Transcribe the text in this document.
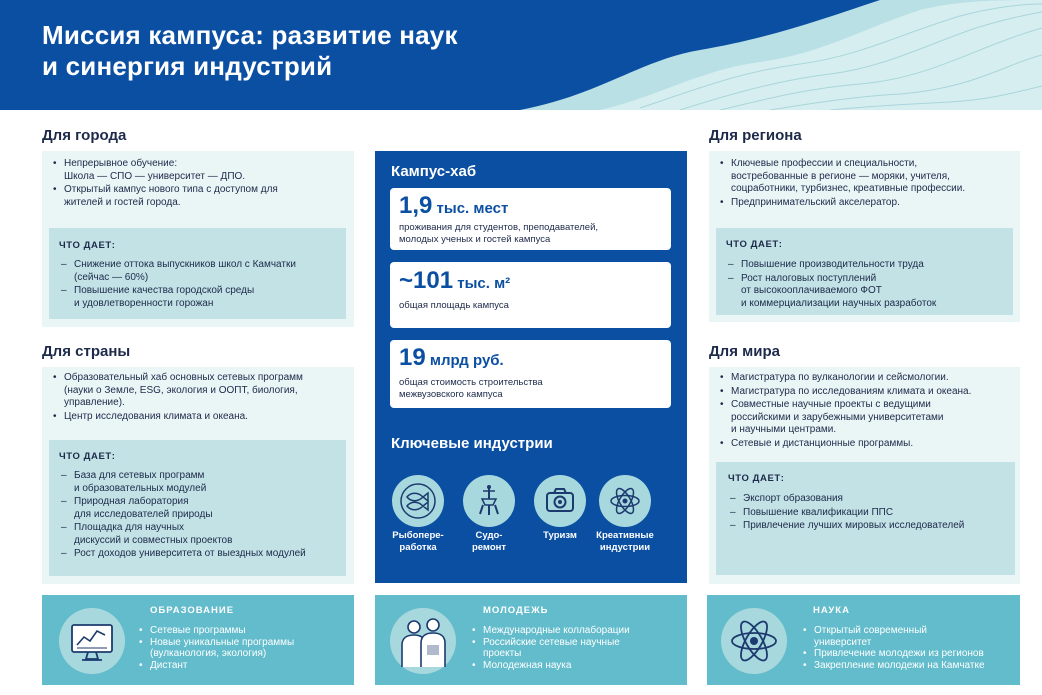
Миссия кампуса: развитие наук
и синергия индустрий
Для города
• Непрерывное обучение:
Школа — СПО — университет — ДПО.
• Открытый кампус нового типа с доступом для
жителей и гостей города.
ЧТО ДАЕТ:
– Снижение оттока выпускников школ с Камчатки
(сейчас — 60%)
– Повышение качества городской среды
и удовлетворенности горожан
Для страны
• Образовательный хаб основных сетевых программ
(науки о Земле, ESG, экология и ООПТ, биология,
управление).
• Центр исследования климата и океана.
ЧТО ДАЕТ:
– База для сетевых программ
и образовательных модулей
– Природная лаборатория
для исследователей природы
– Площадка для научных
дискуссий и совместных проектов
– Рост доходов университета от выездных модулей
Для региона
• Ключевые профессии и специальности,
востребованные в регионе — моряки, учителя,
соцработники, турбизнес, креативные профессии.
• Предпринимательский акселератор.
ЧТО ДАЕТ:
– Повышение производительности труда
– Рост налоговых поступлений
от высокооплачиваемого ФОТ
и коммерциализации научных разработок
Для мира
• Магистратура по вулканологии и сейсмологии.
• Магистратура по исследованиям климата и океана.
• Совместные научные проекты с ведущими
российскими и зарубежными университетами
и научными центрами.
• Сетевые и дистанционные программы.
ЧТО ДАЕТ:
– Экспорт образования
– Повышение квалификации ППС
– Привлечение лучших мировых исследователей
Кампус-хаб
1,9 тыс. мест
проживания для студентов, преподавателей,
молодых ученых и гостей кампуса
~101 тыс. м²
общая площадь кампуса
19 млрд руб.
общая стоимость строительства
межвузовского кампуса
Ключевые индустрии
Рыбопере-
работка
Судо-
ремонт
Туризм	Креативные
индустрии
ОБРАЗОВАНИЕ
• Сетевые программы
• Новые уникальные программы
(вулканология, экология)
• Дистант
МОЛОДЕЖЬ
• Международные коллаборации
• Российские сетевые научные
проекты
• Молодежная наука
НАУКА
• Открытый современный
университет
• Привлечение молодежи из регионов
• Закрепление молодежи на Камчатке
